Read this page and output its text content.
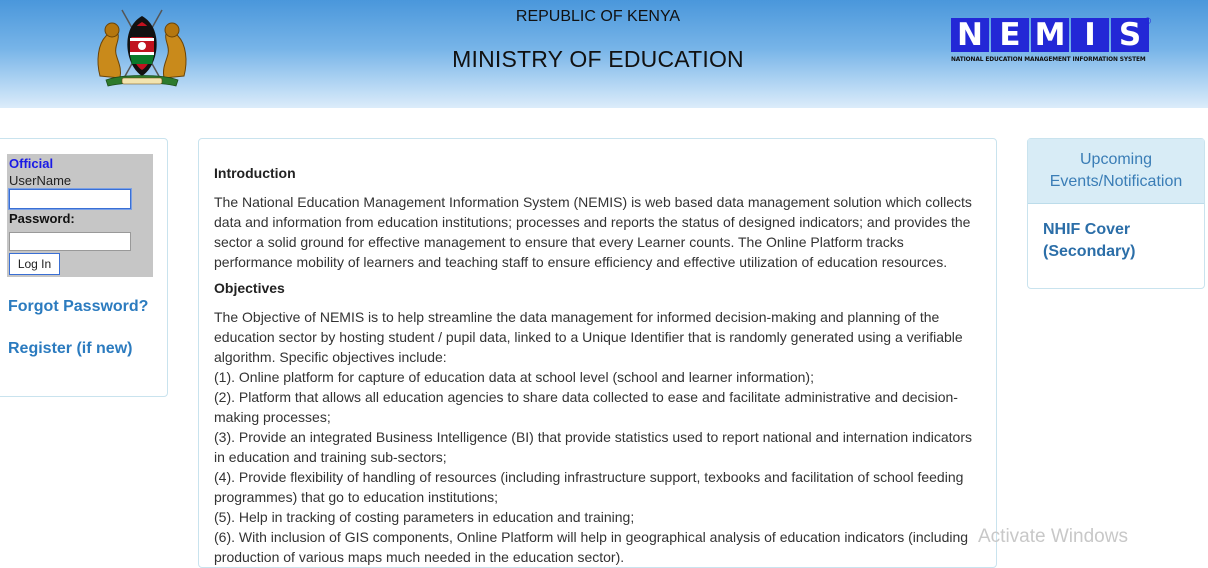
REPUBLIC OF KENYA
MINISTRY OF EDUCATION
N E M I S ®
NATIONAL EDUCATION MANAGEMENT INFORMATION SYSTEM
Official
UserName
Password:
Log In
Forgot Password?
Register (if new)
Introduction
The National Education Management Information System (NEMIS) is web based data management solution which collects data and information from education institutions; processes and reports the status of designed indicators; and provides the sector a solid ground for effective management to ensure that every Learner counts. The Online Platform tracks performance mobility of learners and teaching staff to ensure efficiency and effective utilization of education resources.
Objectives
The Objective of NEMIS is to help streamline the data management for informed decision-making and planning of the education sector by hosting student / pupil data, linked to a Unique Identifier that is randomly generated using a verifiable algorithm. Specific objectives include:
(1). Online platform for capture of education data at school level (school and learner information);
(2). Platform that allows all education agencies to share data collected to ease and facilitate administrative and decision-making processes;
(3). Provide an integrated Business Intelligence (BI) that provide statistics used to report national and internation indicators in education and training sub-sectors;
(4). Provide flexibility of handling of resources (including infrastructure support, texbooks and facilitation of school feeding programmes) that go to education institutions;
(5). Help in tracking of costing parameters in education and training;
(6). With inclusion of GIS components, Online Platform will help in geographical analysis of education indicators (including production of various maps much needed in the education sector).
Upcoming Events/Notification
NHIF Cover (Secondary)
Activate Windows
